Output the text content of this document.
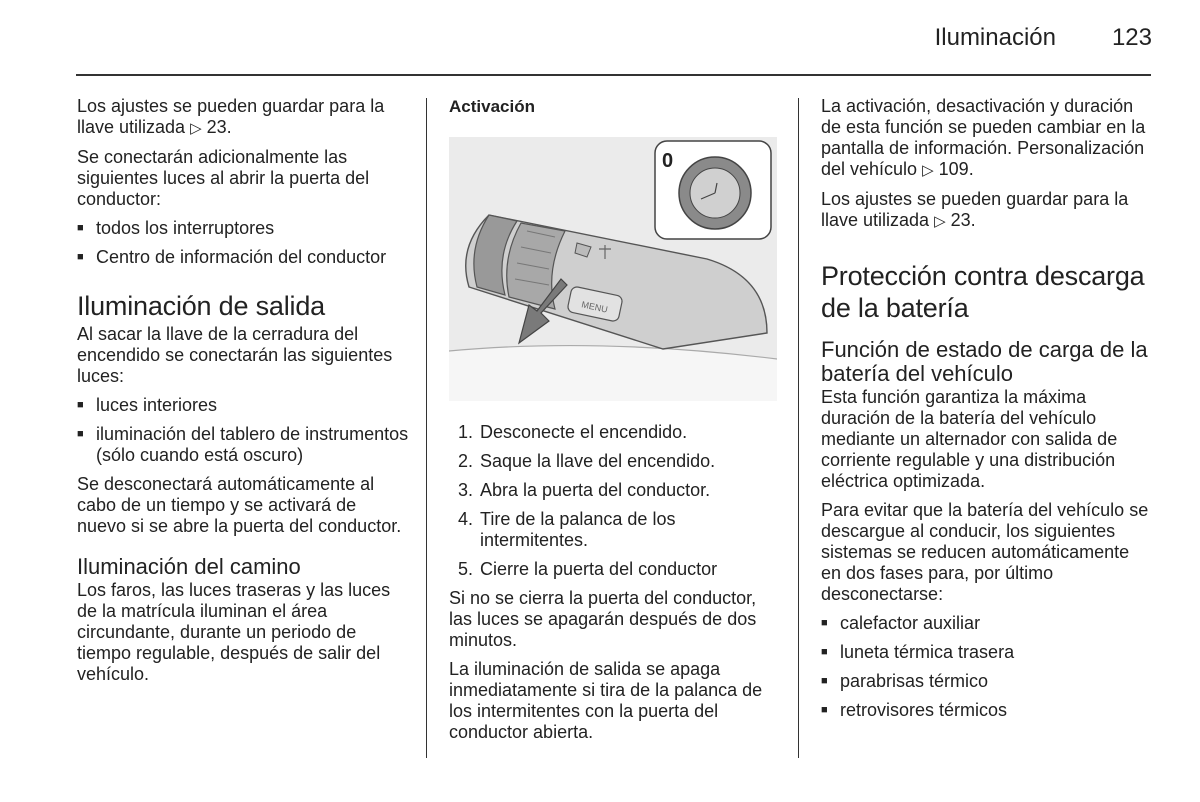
Iluminación	123

Los ajustes se pueden guardar para la llave utilizada ▷ 23.

Se conectarán adicionalmente las siguientes luces al abrir la puerta del conductor:

■ todos los interruptores
■ Centro de información del conductor
Iluminación de salida

Al sacar la llave de la cerradura del encendido se conectarán las siguientes luces:

■ luces interiores
■ iluminación del tablero de instrumentos (sólo cuando está oscuro)

Se desconectará automáticamente al cabo de un tiempo y se activará de nuevo si se abre la puerta del conductor.

Iluminación del camino

Los faros, las luces traseras y las luces de la matrícula iluminan el área circundante, durante un periodo de tiempo regulable, después de salir del vehículo.

Activación
MENU
0
1. Desconecte el encendido.
2. Saque la llave del encendido.
3. Abra la puerta del conductor.
4. Tire de la palanca de los intermitentes.
5. Cierre la puerta del conductor

Si no se cierra la puerta del conductor, las luces se apagarán después de dos minutos.

La iluminación de salida se apaga inmediatamente si tira de la palanca de los intermitentes con la puerta del conductor abierta.

La activación, desactivación y duración de esta función se pueden cambiar en la pantalla de información. Personalización del vehículo ▷ 109.

Los ajustes se pueden guardar para la llave utilizada ▷ 23.

Protección contra descarga de la batería
Función de estado de carga de la batería del vehículo

Esta función garantiza la máxima duración de la batería del vehículo mediante un alternador con salida de corriente regulable y una distribución eléctrica optimizada.

Para evitar que la batería del vehículo se descargue al conducir, los siguientes sistemas se reducen automáticamente en dos fases para, por último desconectarse:

■ calefactor auxiliar
■ luneta térmica trasera
■ parabrisas térmico
■ retrovisores térmicos
